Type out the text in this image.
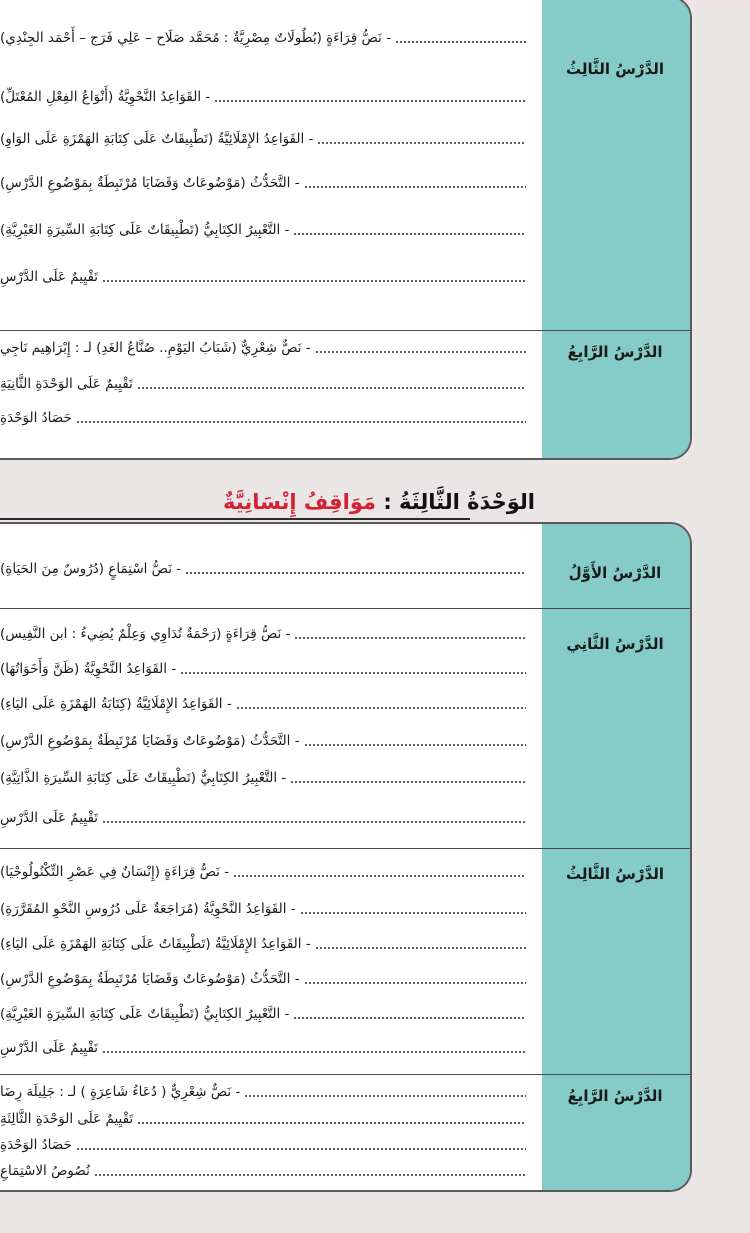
الدَّرْسُ الثَّالِثُ
- نَصُّ قِرَاءَةٍ (بُطُولَاتٌ مِصْرِيَّةٌ : مُحَمَّد صَلَاح – عَلِي فَرَج – أَحْمَد الجِنْدِي)
- القَوَاعِدُ النَّحْوِيَّةُ (أَنْوَاعُ الفِعْلِ المُعْتَلِّ)
- القَوَاعِدُ الإِمْلَائِيَّةُ (تَطْبِيقَاتٌ عَلَى كِتَابَةِ الهَمْزَةِ عَلَى الوَاوِ)
- التَّحَدُّثُ (مَوْضُوعَاتٌ وَقَضَايَا مُرْتَبِطَةٌ بِمَوْضُوعِ الدَّرْسِ)
- التَّعْبِيرُ الكِتَابِيُّ (تَطْبِيقَاتٌ عَلَى كِتَابَةِ السِّيرَةِ الغَيْرِيَّةِ)
تَقْيِيمٌ عَلَى الدَّرْسِ
الدَّرْسُ الرَّابِعُ
- نَصٌّ شِعْرِيٌّ (شَبَابُ اليَوْمِ.. صُنَّاعُ الغَدِ) لـ : إِبْرَاهِيم نَاجِي
تَقْيِيمٌ عَلَى الوَحْدَةِ الثَّانِيَةِ
حَصَادُ الوَحْدَةِ
الوَحْدَةُ الثَّالِثَةُ : مَوَاقِفُ إِنْسَانِيَّةٌ
الدَّرْسُ الأَوَّلُ
- نَصُّ اسْتِمَاعٍ (دُرُوسٌ مِنَ الحَيَاةِ)
الدَّرْسُ الثَّانِي
- نَصُّ قِرَاءَةٍ (رَحْمَةٌ تُدَاوِي وَعِلْمٌ يُضِيءُ : ابن النَّفِيس)
- القَوَاعِدُ النَّحْوِيَّةُ (ظَنَّ وَأَخَوَاتُهَا)
- القَوَاعِدُ الإِمْلَائِيَّةُ (كِتَابَةُ الهَمْزَةِ عَلَى اليَاءِ)
- التَّحَدُّثُ (مَوْضُوعَاتٌ وَقَضَايَا مُرْتَبِطَةٌ بِمَوْضُوعِ الدَّرْسِ)
- التَّعْبِيرُ الكِتَابِيُّ (تَطْبِيقَاتٌ عَلَى كِتَابَةِ السِّيرَةِ الذَّاتِيَّةِ)
تَقْيِيمٌ عَلَى الدَّرْسِ
الدَّرْسُ الثَّالِثُ
- نَصُّ قِرَاءَةٍ (إِنْسَانٌ فِي عَصْرِ التِّكْنُولُوجْيَا)
- القَوَاعِدُ النَّحْوِيَّةُ (مُرَاجَعَةٌ عَلَى دُرُوسِ النَّحْوِ المُقَرَّرَةِ)
- القَوَاعِدُ الإِمْلَائِيَّةُ (تَطْبِيقَاتٌ عَلَى كِتَابَةِ الهَمْزَةِ عَلَى اليَاءِ)
- التَّحَدُّثُ (مَوْضُوعَاتٌ وَقَضَايَا مُرْتَبِطَةٌ بِمَوْضُوعِ الدَّرْسِ)
- التَّعْبِيرُ الكِتَابِيُّ (تَطْبِيقَاتٌ عَلَى كِتَابَةِ السِّيرَةِ الغَيْرِيَّةِ)
تَقْيِيمٌ عَلَى الدَّرْسِ
الدَّرْسُ الرَّابِعُ
- نَصٌّ شِعْرِيٌّ ( دُعَاءُ شَاعِرَةٍ ) لـ : جَلِيلَة رِضَا
تَقْيِيمٌ عَلَى الوَحْدَةِ الثَّالِثَةِ
حَصَادُ الوَحْدَةِ
نُصُوصُ الاسْتِمَاعِ
